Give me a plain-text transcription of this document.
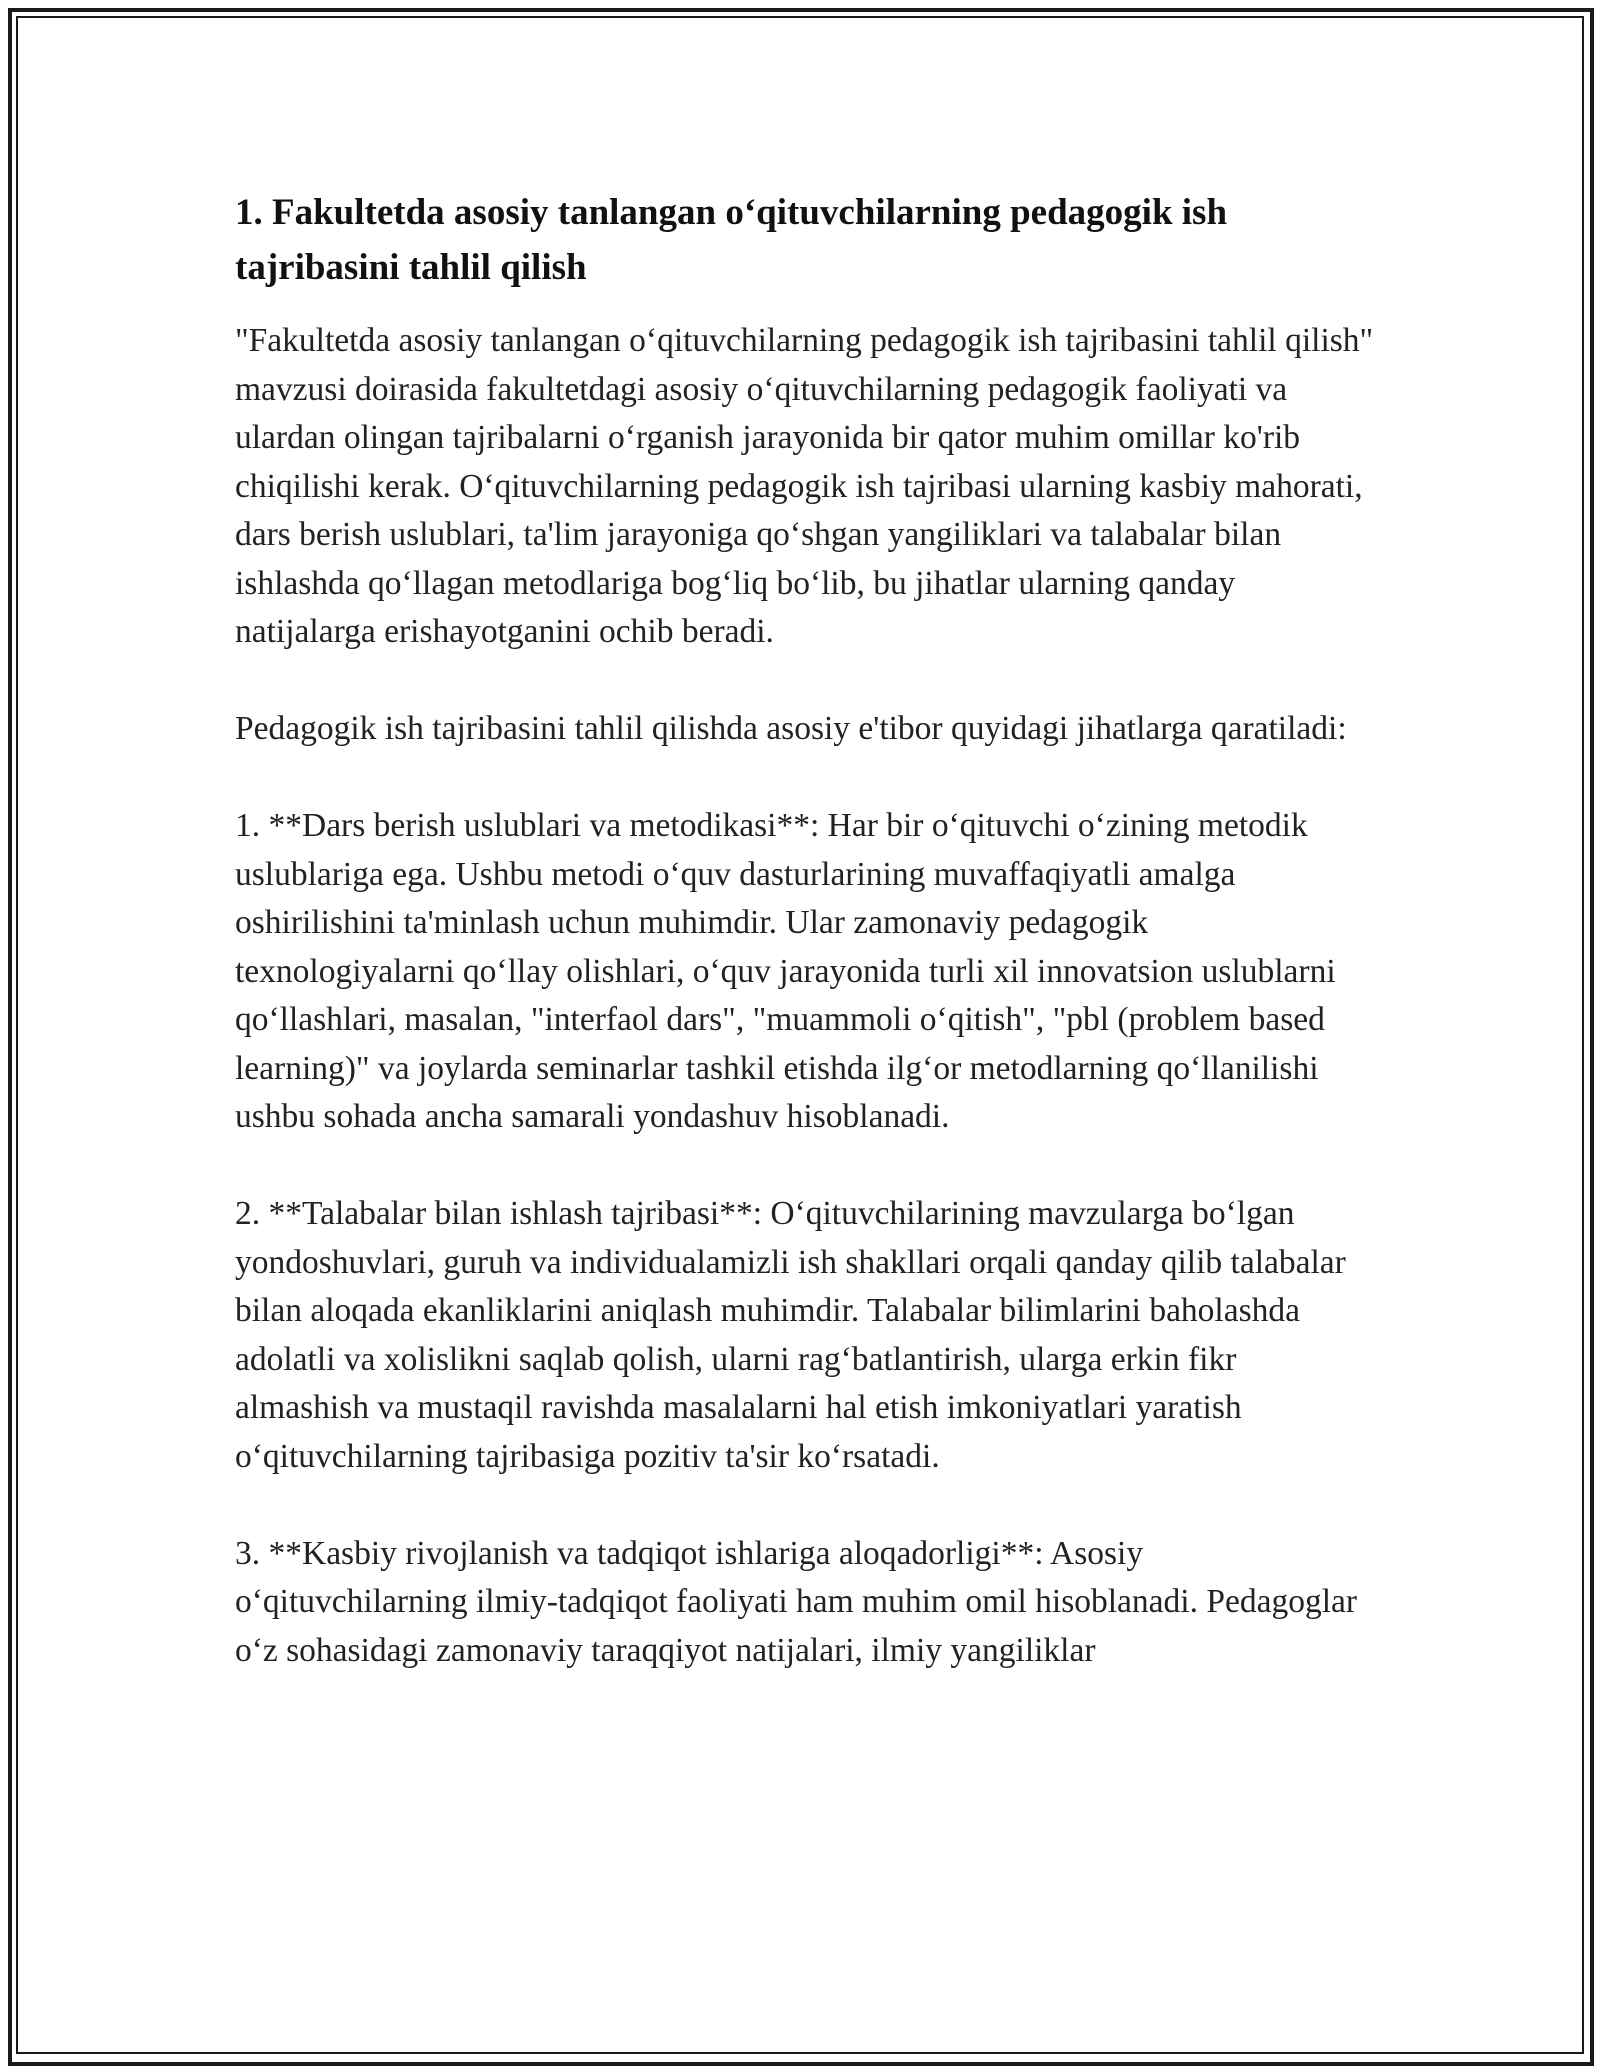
1. Fakultetda asosiy tanlangan o‘qituvchilarning pedagogik ish tajribasini tahlil qilish

"Fakultetda asosiy tanlangan o‘qituvchilarning pedagogik ish tajribasini tahlil qilish" mavzusi doirasida fakultetdagi asosiy o‘qituvchilarning pedagogik faoliyati va ulardan olingan tajribalarni o‘rganish jarayonida bir qator muhim omillar ko'rib chiqilishi kerak. O‘qituvchilarning pedagogik ish tajribasi ularning kasbiy mahorati, dars berish uslublari, ta'lim jarayoniga qo‘shgan yangiliklari va talabalar bilan ishlashda qo‘llagan metodlariga bog‘liq bo‘lib, bu jihatlar ularning qanday natijalarga erishayotganini ochib beradi.

Pedagogik ish tajribasini tahlil qilishda asosiy e'tibor quyidagi jihatlarga qaratiladi:

1. **Dars berish uslublari va metodikasi**: Har bir o‘qituvchi o‘zining metodik uslublariga ega. Ushbu metodi o‘quv dasturlarining muvaffaqiyatli amalga oshirilishini ta'minlash uchun muhimdir. Ular zamonaviy pedagogik texnologiyalarni qo‘llay olishlari, o‘quv jarayonida turli xil innovatsion uslublarni qo‘llashlari, masalan, "interfaol dars", "muammoli o‘qitish", "pbl (problem based learning)" va joylarda seminarlar tashkil etishda ilg‘or metodlarning qo‘llanilishi ushbu sohada ancha samarali yondashuv hisoblanadi.

2. **Talabalar bilan ishlash tajribasi**: O‘qituvchilarining mavzularga bo‘lgan yondoshuvlari, guruh va individualamizli ish shakllari orqali qanday qilib talabalar bilan aloqada ekanliklarini aniqlash muhimdir. Talabalar bilimlarini baholashda adolatli va xolislikni saqlab qolish, ularni rag‘batlantirish, ularga erkin fikr almashish va mustaqil ravishda masalalarni hal etish imkoniyatlari yaratish o‘qituvchilarning tajribasiga pozitiv ta'sir ko‘rsatadi.

3. **Kasbiy rivojlanish va tadqiqot ishlariga aloqadorligi**: Asosiy o‘qituvchilarning ilmiy-tadqiqot faoliyati ham muhim omil hisoblanadi. Pedagoglar o‘z sohasidagi zamonaviy taraqqiyot natijalari, ilmiy yangiliklar
